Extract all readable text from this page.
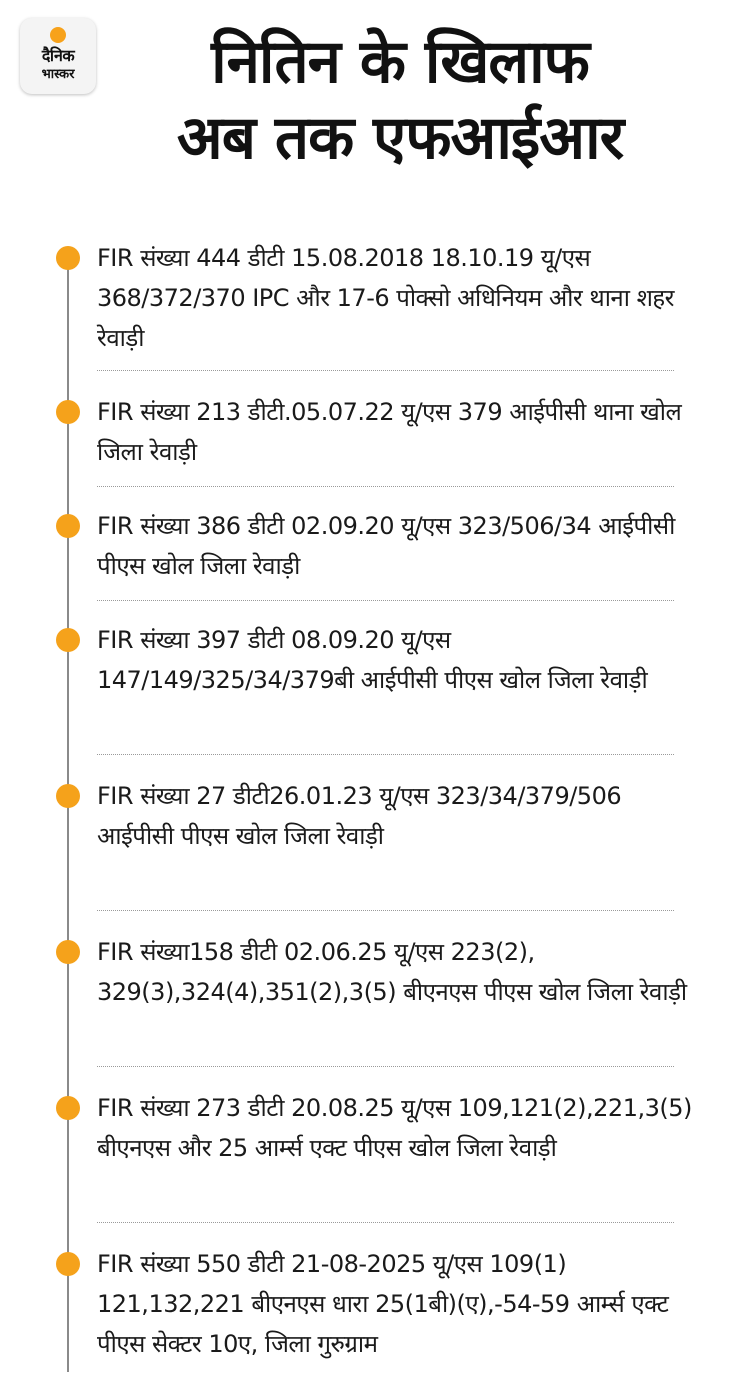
दैनिक
भास्कर	नितिन के खिलाफ
अब तक एफआईआर

FIR संख्या 444 डीटी 15.08.2018 18.10.19 यू/एस 368/372/370 IPC और 17-6 पोक्सो अधिनियम और थाना शहर रेवाड़ी

FIR संख्या 213 डीटी.05.07.22 यू/एस 379 आईपीसी थाना खोल जिला रेवाड़ी

FIR संख्या 386 डीटी 02.09.20 यू/एस 323/506/34 आईपीसी पीएस खोल जिला रेवाड़ी

FIR संख्या 397 डीटी 08.09.20 यू/एस 147/149/325/34/379बी आईपीसी पीएस खोल जिला रेवाड़ी

FIR संख्या 27 डीटी26.01.23 यू/एस 323/34/379/506 आईपीसी पीएस खोल जिला रेवाड़ी

FIR संख्या158 डीटी 02.06.25 यू/एस 223(2), 329(3),324(4),351(2),3(5) बीएनएस पीएस खोल जिला रेवाड़ी

FIR संख्या 273 डीटी 20.08.25 यू/एस 109,121(2),221,3(5) बीएनएस और 25 आर्म्स एक्ट पीएस खोल जिला रेवाड़ी

FIR संख्या 550 डीटी 21-08-2025 यू/एस 109(1) 121,132,221 बीएनएस धारा 25(1बी)(ए),-54-59 आर्म्स एक्ट पीएस सेक्टर 10ए, जिला गुरुग्राम
